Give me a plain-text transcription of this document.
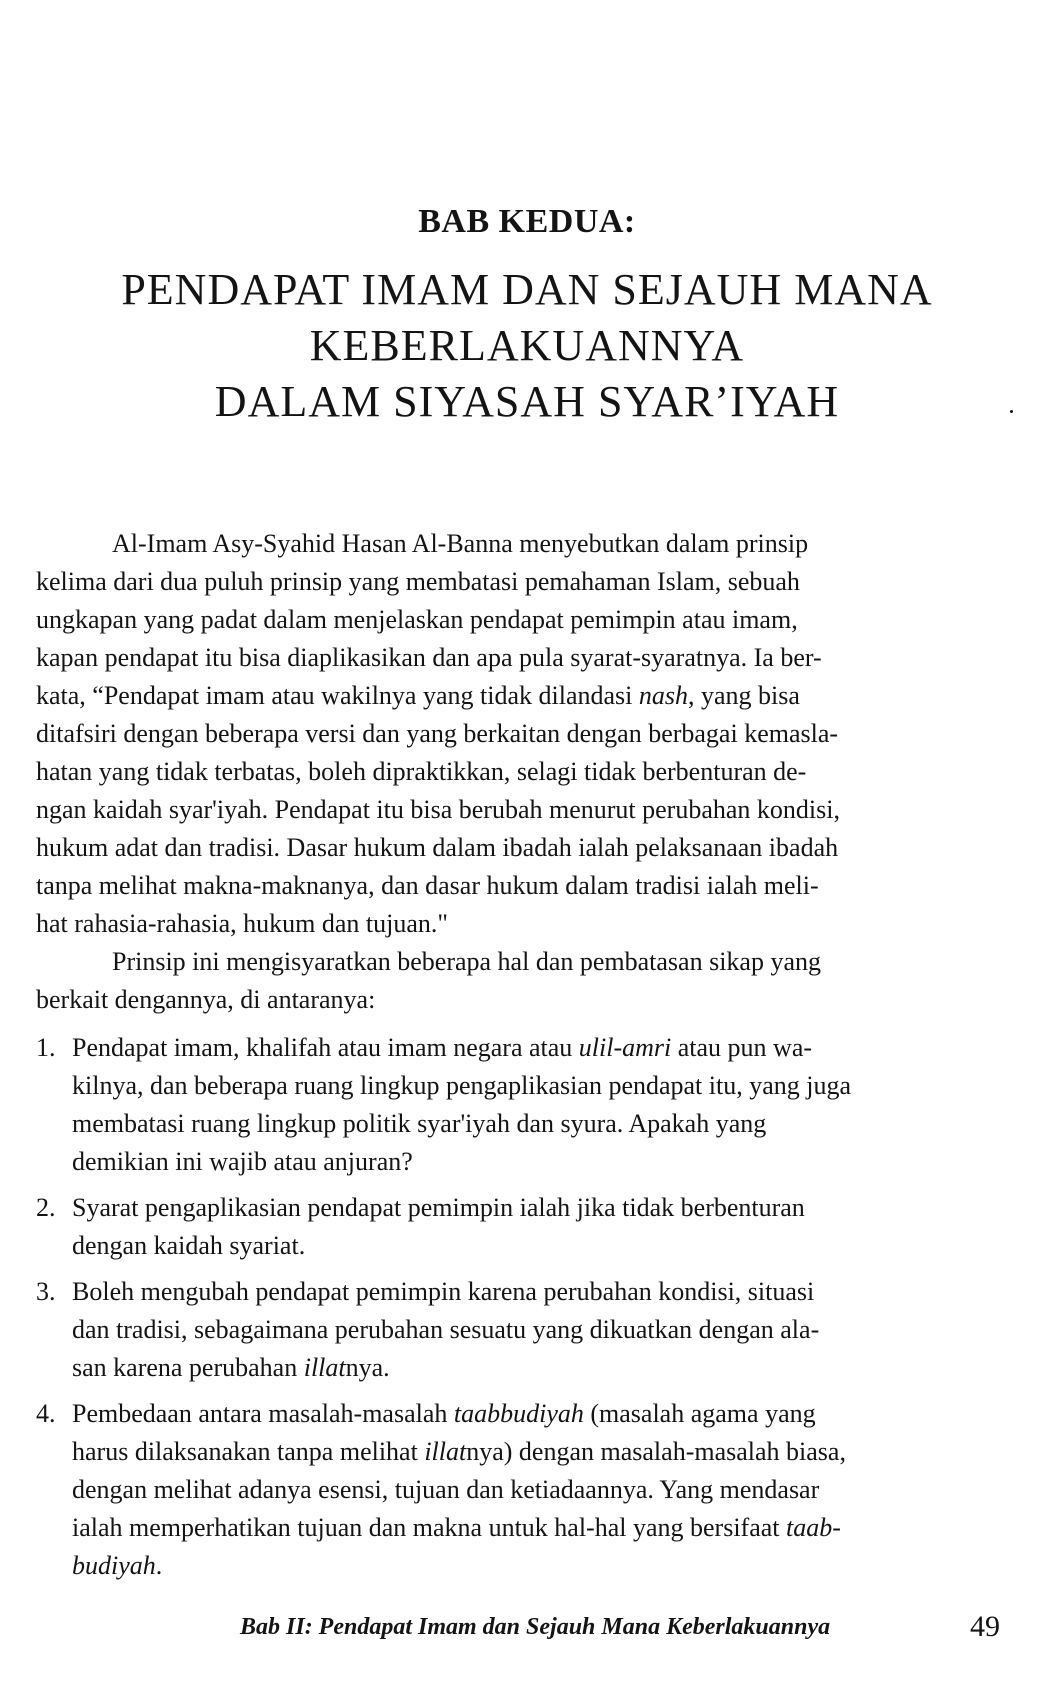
BAB KEDUA:
PENDAPAT IMAM DAN SEJAUH MANA
KEBERLAKUANNYA
DALAM SIYASAH SYAR’IYAH

Al-Imam Asy-Syahid Hasan Al-Banna menyebutkan dalam prinsip
kelima dari dua puluh prinsip yang membatasi pemahaman Islam, sebuah
ungkapan yang padat dalam menjelaskan pendapat pemimpin atau imam,
kapan pendapat itu bisa diaplikasikan dan apa pula syarat-syaratnya. Ia ber-
kata, “Pendapat imam atau wakilnya yang tidak dilandasi nash, yang bisa
ditafsiri dengan beberapa versi dan yang berkaitan dengan berbagai kemasla-
hatan yang tidak terbatas, boleh dipraktikkan, selagi tidak berbenturan de-
ngan kaidah syar'iyah. Pendapat itu bisa berubah menurut perubahan kondisi,
hukum adat dan tradisi. Dasar hukum dalam ibadah ialah pelaksanaan ibadah
tanpa melihat makna-maknanya, dan dasar hukum dalam tradisi ialah meli-
hat rahasia-rahasia, hukum dan tujuan."

Prinsip ini mengisyaratkan beberapa hal dan pembatasan sikap yang
berkait dengannya, di antaranya:

1. Pendapat imam, khalifah atau imam negara atau ulil-amri atau pun wa-
kilnya, dan beberapa ruang lingkup pengaplikasian pendapat itu, yang juga
membatasi ruang lingkup politik syar'iyah dan syura. Apakah yang
demikian ini wajib atau anjuran?
2. Syarat pengaplikasian pendapat pemimpin ialah jika tidak berbenturan
dengan kaidah syariat.
3. Boleh mengubah pendapat pemimpin karena perubahan kondisi, situasi
dan tradisi, sebagaimana perubahan sesuatu yang dikuatkan dengan ala-
san karena perubahan illatnya.
4. Pembedaan antara masalah-masalah taabbudiyah (masalah agama yang
harus dilaksanakan tanpa melihat illatnya) dengan masalah-masalah biasa,
dengan melihat adanya esensi, tujuan dan ketiadaannya. Yang mendasar
ialah memperhatikan tujuan dan makna untuk hal-hal yang bersifaat taab-
budiyah.
Bab II: Pendapat Imam dan Sejauh Mana Keberlakuannya	49
